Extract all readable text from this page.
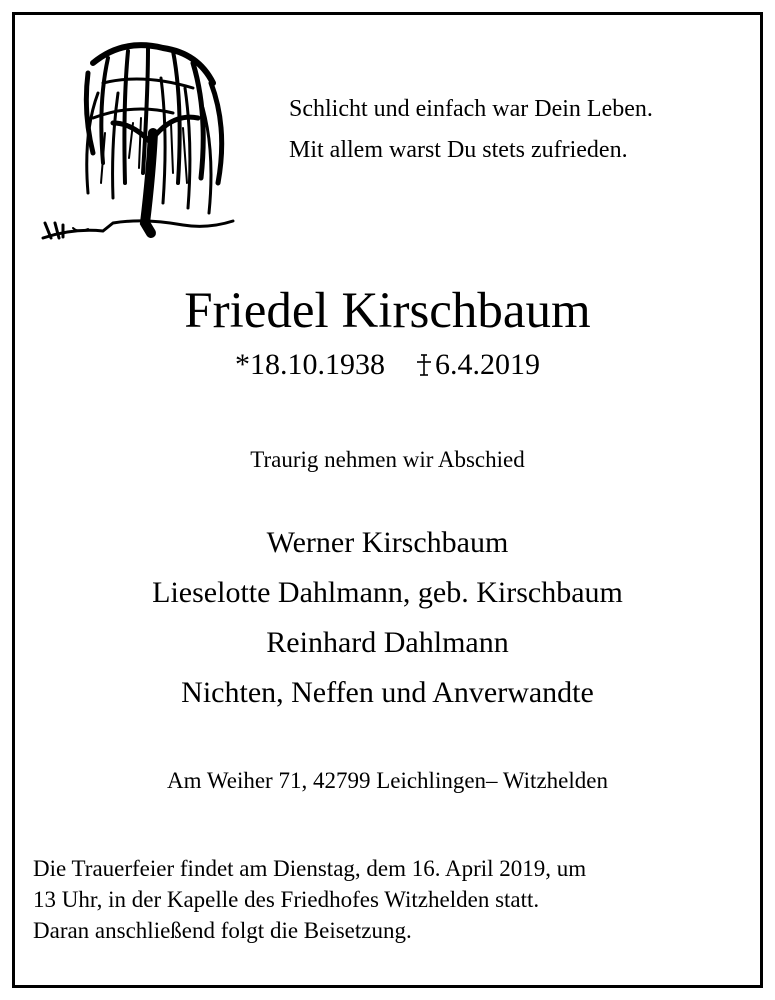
Schlicht und einfach war Dein Leben.
Mit allem warst Du stets zufrieden.
Friedel Kirschbaum
*18.10.1938 6.4.2019
Traurig nehmen wir Abschied
Werner Kirschbaum
Lieselotte Dahlmann, geb. Kirschbaum
Reinhard Dahlmann
Nichten, Neffen und Anverwandte
Am Weiher 71, 42799 Leichlingen– Witzhelden
Die Trauerfeier findet am Dienstag, dem 16. April 2019, um
13 Uhr, in der Kapelle des Friedhofes Witzhelden statt.
Daran anschließend folgt die Beisetzung.
